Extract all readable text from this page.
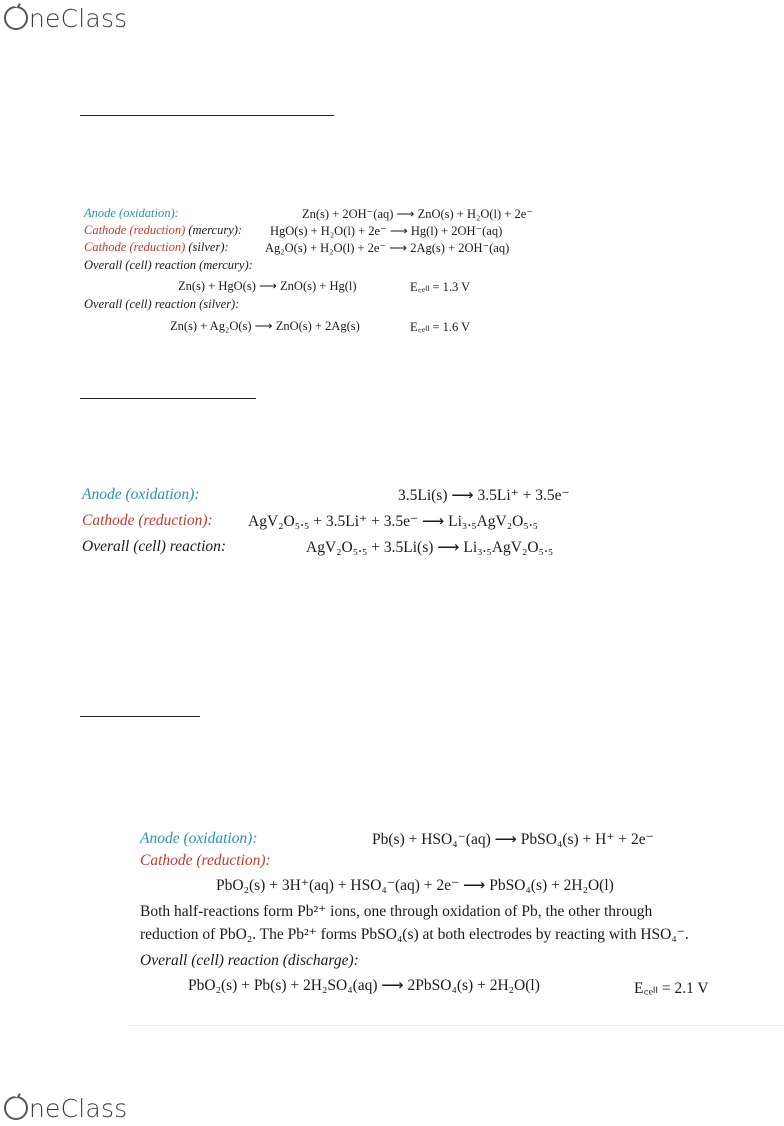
neClass
Anode (oxidation):	Zn(s) + 2OH⁻(aq) ⟶ ZnO(s) + H₂O(l) + 2e⁻
Cathode (reduction) (mercury): HgO(s) + H₂O(l) + 2e⁻ ⟶ Hg(l) + 2OH⁻(aq)
Cathode (reduction) (silver):	Ag₂O(s) + H₂O(l) + 2e⁻ ⟶ 2Ag(s) + 2OH⁻(aq)
Overall (cell) reaction (mercury):
Zn(s) + HgO(s) ⟶ ZnO(s) + Hg(l)	E꜀ₑₗₗ = 1.3 V
Overall (cell) reaction (silver):
Zn(s) + Ag₂O(s) ⟶ ZnO(s) + 2Ag(s)	E꜀ₑₗₗ = 1.6 V
Anode (oxidation):	3.5Li(s) ⟶ 3.5Li⁺ + 3.5e⁻
Cathode (reduction): AgV₂O₅.₅ + 3.5Li⁺ + 3.5e⁻ ⟶ Li₃.₅AgV₂O₅.₅
Overall (cell) reaction:	AgV₂O₅.₅ + 3.5Li(s) ⟶ Li₃.₅AgV₂O₅.₅
Anode (oxidation):	Pb(s) + HSO₄⁻(aq) ⟶ PbSO₄(s) + H⁺ + 2e⁻
Cathode (reduction):
PbO₂(s) + 3H⁺(aq) + HSO₄⁻(aq) + 2e⁻ ⟶ PbSO₄(s) + 2H₂O(l)
Both half-reactions form Pb²⁺ ions, one through oxidation of Pb, the other through
reduction of PbO₂. The Pb²⁺ forms PbSO₄(s) at both electrodes by reacting with HSO₄⁻.
Overall (cell) reaction (discharge):
PbO₂(s) + Pb(s) + 2H₂SO₄(aq) ⟶ 2PbSO₄(s) + 2H₂O(l)	E꜀ₑₗₗ = 2.1 V
neClass
